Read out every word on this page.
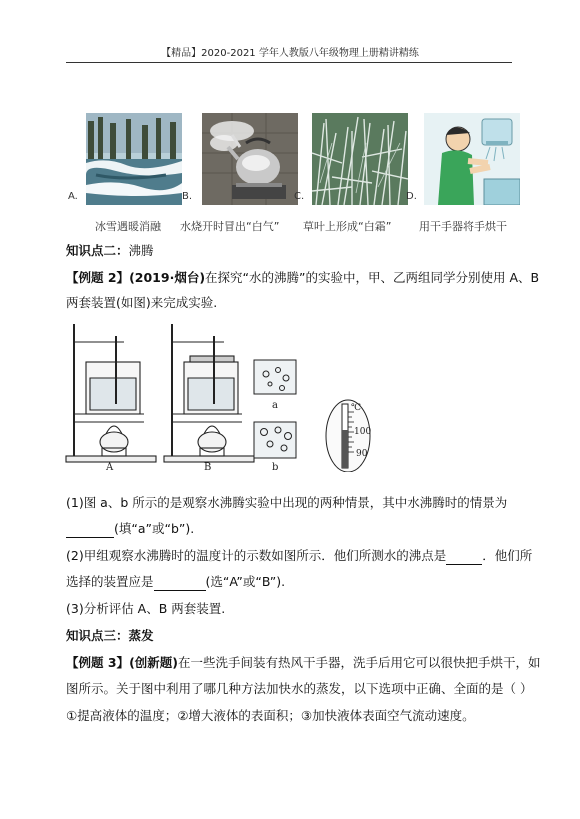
【精品】2020-2021 学年人教版八年级物理上册精讲精练
A.	B.	C.	D.
冰雪遇暖消融 水烧开时冒出“白气” 草叶上形成“白霜”	用干手器将手烘干
知识点二：沸腾
【例题 2】(2019·烟台)在探究“水的沸腾”的实验中，甲、乙两组同学分别使用 A、B
两套装置(如图)来完成实验.
A	B
a
b
℃
100
90
(1)图 a、b 所示的是观察水沸腾实验中出现的两种情景，其中水沸腾时的情景为
(填“a”或“b”).
(2)甲组观察水沸腾时的温度计的示数如图所示．他们所测水的沸点是	．他们所
选择的装置应是	(选“A”或“B”).
(3)分析评估 A、B 两套装置.
知识点三：蒸发
【例题 3】(创新题)在一些洗手间装有热风干手器，洗手后用它可以很快把手烘干，如
图所示。关于图中利用了哪几种方法加快水的蒸发，以下选项中正确、全面的是（ ）
①提高液体的温度；②增大液体的表面积；③加快液体表面空气流动速度。
